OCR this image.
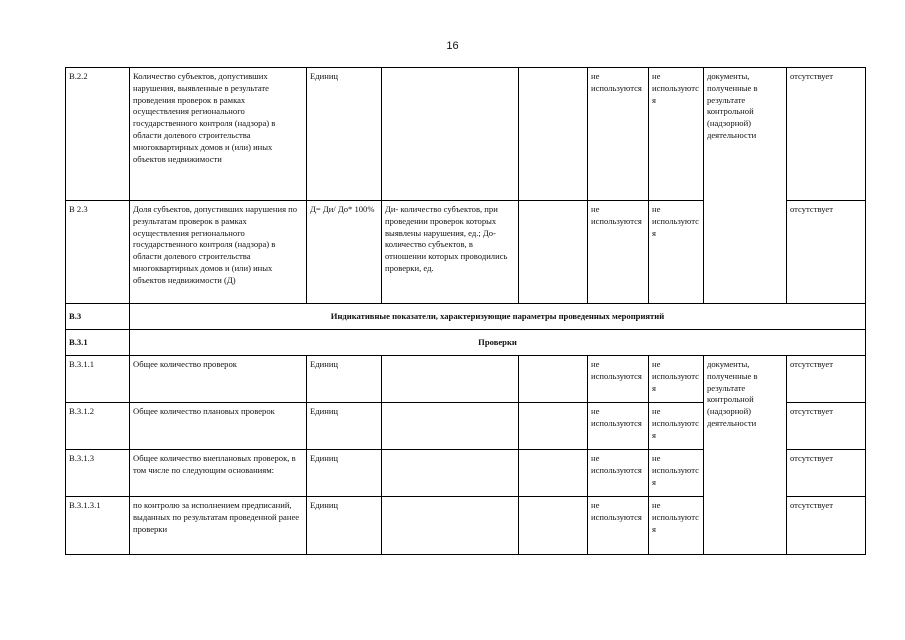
16
В.2.2	Количество субъектов, допустивших нарушения, выявленные в результате проведения проверок в рамках осуществления регионального государственного контроля (надзора) в области долевого строительства многоквартирных домов и (или) иных объектов недвижимости	Единиц			не используются	не используются	документы, полученные в результате контрольной (надзорной) деятельности	отсутствует
В 2.3	Доля субъектов, допустивших нарушения по результатам проверок в рамках осуществления регионального государственного контроля (надзора) в области долевого строительства многоквартирных домов и (или) иных объектов недвижимости (Д)	Д= Ди/ До* 100%	Ди- количество субъектов, при проведении проверок которых выявлены нарушения, ед.; До- количество субъектов, в отношении которых проводились проверки, ед.		не используются	не используются		отсутствует
В.3	Индикативные показатели, характеризующие параметры проведенных мероприятий							
В.3.1	Проверки							
В.3.1.1	Общее количество проверок	Единиц			не используются	не используются	документы, полученные в результате контрольной (надзорной) деятельности	отсутствует
В.3.1.2	Общее количество плановых проверок	Единиц			не используются	не используются		отсутствует
В.3.1.3	Общее количество внеплановых проверок, в том числе по следующим основаниям:	Единиц			не используются	не используются		отсутствует
В.3.1.3.1	по контролю за исполнением предписаний, выданных по результатам проведенной ранее проверки	Единиц			не используются	не используются		отсутствует
